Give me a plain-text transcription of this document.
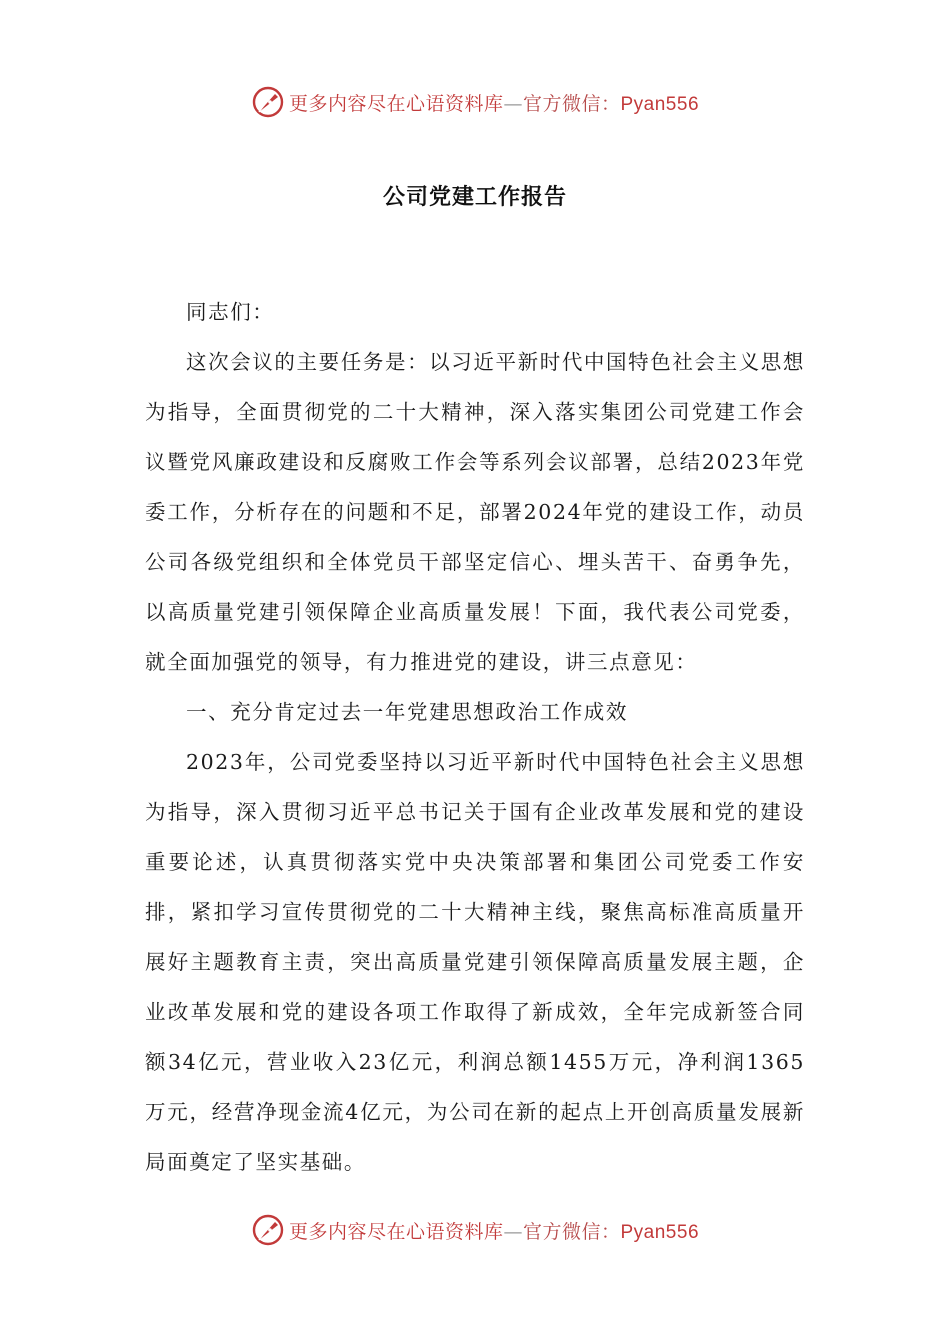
更多内容尽在心语资料库—官方微信：Pyan556
公司党建工作报告

同志们：

这次会议的主要任务是：以习近平新时代中国特色社会主义思想为指导，全面贯彻党的二十大精神，深入落实集团公司党建工作会议暨党风廉政建设和反腐败工作会等系列会议部署，总结2023年党委工作，分析存在的问题和不足，部署2024年党的建设工作，动员公司各级党组织和全体党员干部坚定信心、埋头苦干、奋勇争先，以高质量党建引领保障企业高质量发展！下面，我代表公司党委，就全面加强党的领导，有力推进党的建设，讲三点意见：

一、充分肯定过去一年党建思想政治工作成效

2023年，公司党委坚持以习近平新时代中国特色社会主义思想为指导，深入贯彻习近平总书记关于国有企业改革发展和党的建设重要论述，认真贯彻落实党中央决策部署和集团公司党委工作安排，紧扣学习宣传贯彻党的二十大精神主线，聚焦高标准高质量开展好主题教育主责，突出高质量党建引领保障高质量发展主题，企业改革发展和党的建设各项工作取得了新成效，全年完成新签合同额34亿元，营业收入23亿元，利润总额1455万元，净利润1365万元，经营净现金流4亿元，为公司在新的起点上开创高质量发展新局面奠定了坚实基础。

更多内容尽在心语资料库—官方微信：Pyan556
